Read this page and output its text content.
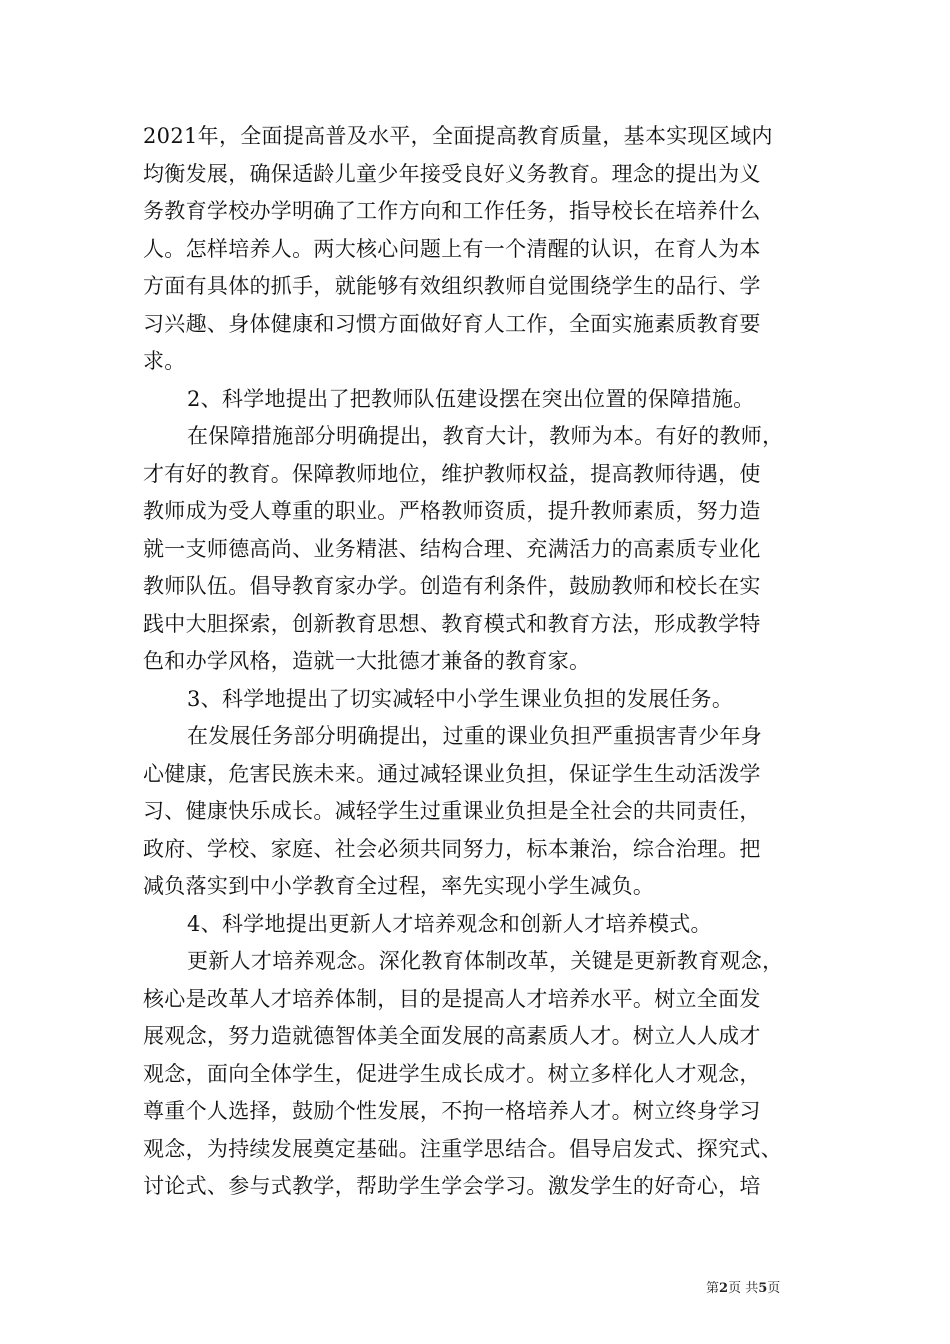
2021年，全面提高普及水平，全面提高教育质量，基本实现区域内
均衡发展，确保适龄儿童少年接受良好义务教育。理念的提出为义
务教育学校办学明确了工作方向和工作任务，指导校长在培养什么
人。怎样培养人。两大核心问题上有一个清醒的认识，在育人为本
方面有具体的抓手，就能够有效组织教师自觉围绕学生的品行、学
习兴趣、身体健康和习惯方面做好育人工作，全面实施素质教育要
求。
2、科学地提出了把教师队伍建设摆在突出位置的保障措施。
在保障措施部分明确提出，教育大计，教师为本。有好的教师，
才有好的教育。保障教师地位，维护教师权益，提高教师待遇，使
教师成为受人尊重的职业。严格教师资质，提升教师素质，努力造
就一支师德高尚、业务精湛、结构合理、充满活力的高素质专业化
教师队伍。倡导教育家办学。创造有利条件，鼓励教师和校长在实
践中大胆探索，创新教育思想、教育模式和教育方法，形成教学特
色和办学风格，造就一大批德才兼备的教育家。
3、科学地提出了切实减轻中小学生课业负担的发展任务。
在发展任务部分明确提出，过重的课业负担严重损害青少年身
心健康，危害民族未来。通过减轻课业负担，保证学生生动活泼学
习、健康快乐成长。减轻学生过重课业负担是全社会的共同责任，
政府、学校、家庭、社会必须共同努力，标本兼治，综合治理。把
减负落实到中小学教育全过程，率先实现小学生减负。
4、科学地提出更新人才培养观念和创新人才培养模式。
更新人才培养观念。深化教育体制改革，关键是更新教育观念，
核心是改革人才培养体制，目的是提高人才培养水平。树立全面发
展观念，努力造就德智体美全面发展的高素质人才。树立人人成才
观念，面向全体学生，促进学生成长成才。树立多样化人才观念，
尊重个人选择，鼓励个性发展，不拘一格培养人才。树立终身学习
观念，为持续发展奠定基础。注重学思结合。倡导启发式、探究式、
讨论式、参与式教学，帮助学生学会学习。激发学生的好奇心，培
第2页 共5页
